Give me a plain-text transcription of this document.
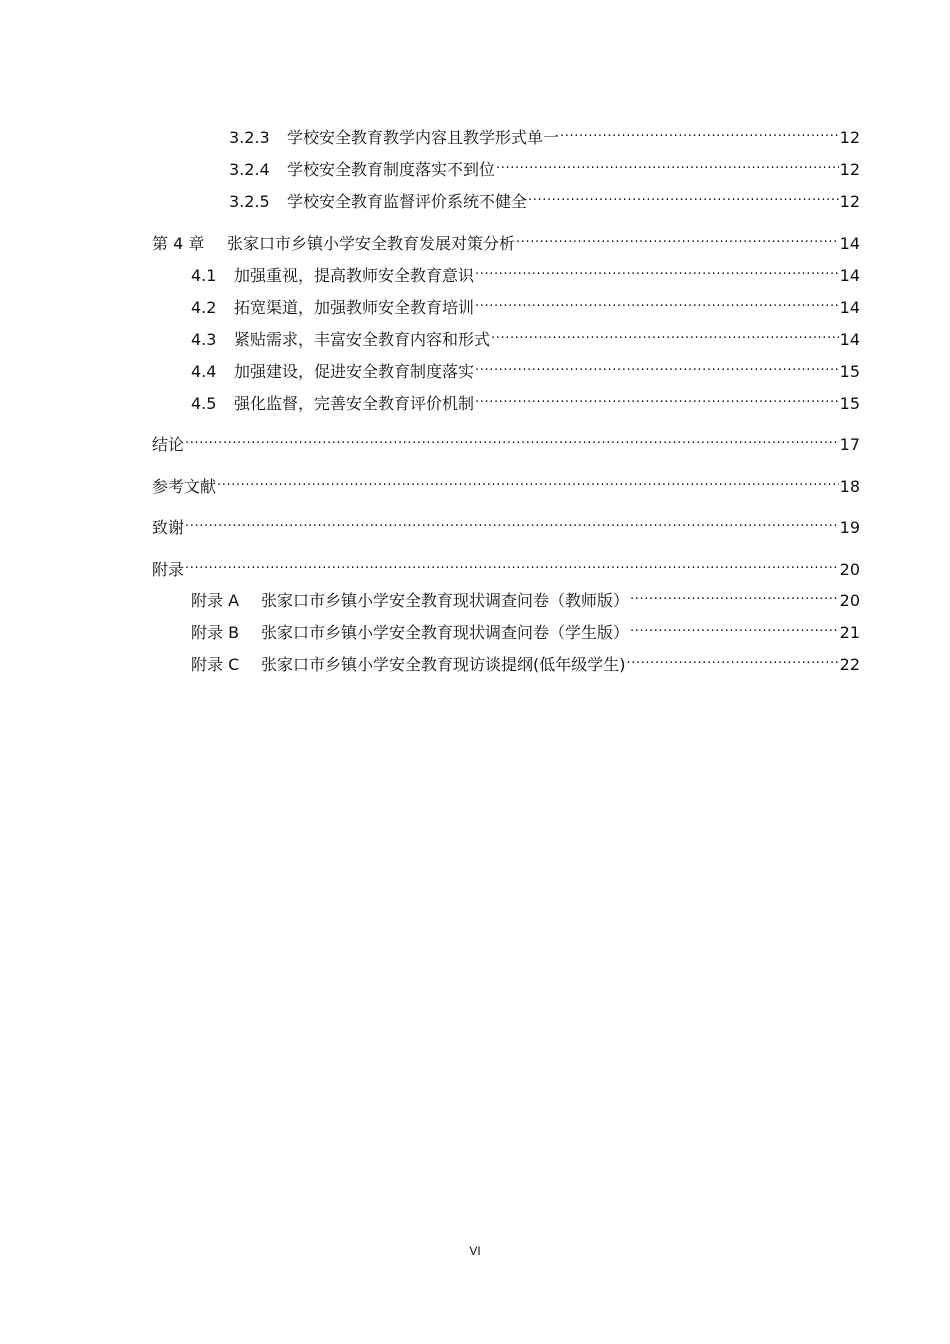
3.2.3	学校安全教育教学内容且教学形式单一 .....	12
3.2.4	学校安全教育制度落实不到位 .....	12
3.2.5	学校安全教育监督评价系统不健全 .....	12
第 4 章	张家口市乡镇小学安全教育发展对策分析 .....	14
4.1	加强重视，提高教师安全教育意识 .....	14
4.2	拓宽渠道，加强教师安全教育培训 .....	14
4.3	紧贴需求，丰富安全教育内容和形式 .....	14
4.4	加强建设，促进安全教育制度落实 .....	15
4.5	强化监督，完善安全教育评价机制 .....	15
结论 .....	17
参考文献 .....	18
致谢 .....	19
附录 .....	20
附录 A	张家口市乡镇小学安全教育现状调查问卷（教师版） .....	20
附录 B	张家口市乡镇小学安全教育现状调查问卷（学生版） .....	21
附录 C	张家口市乡镇小学安全教育现访谈提纲(低年级学生) .....	22
VI
